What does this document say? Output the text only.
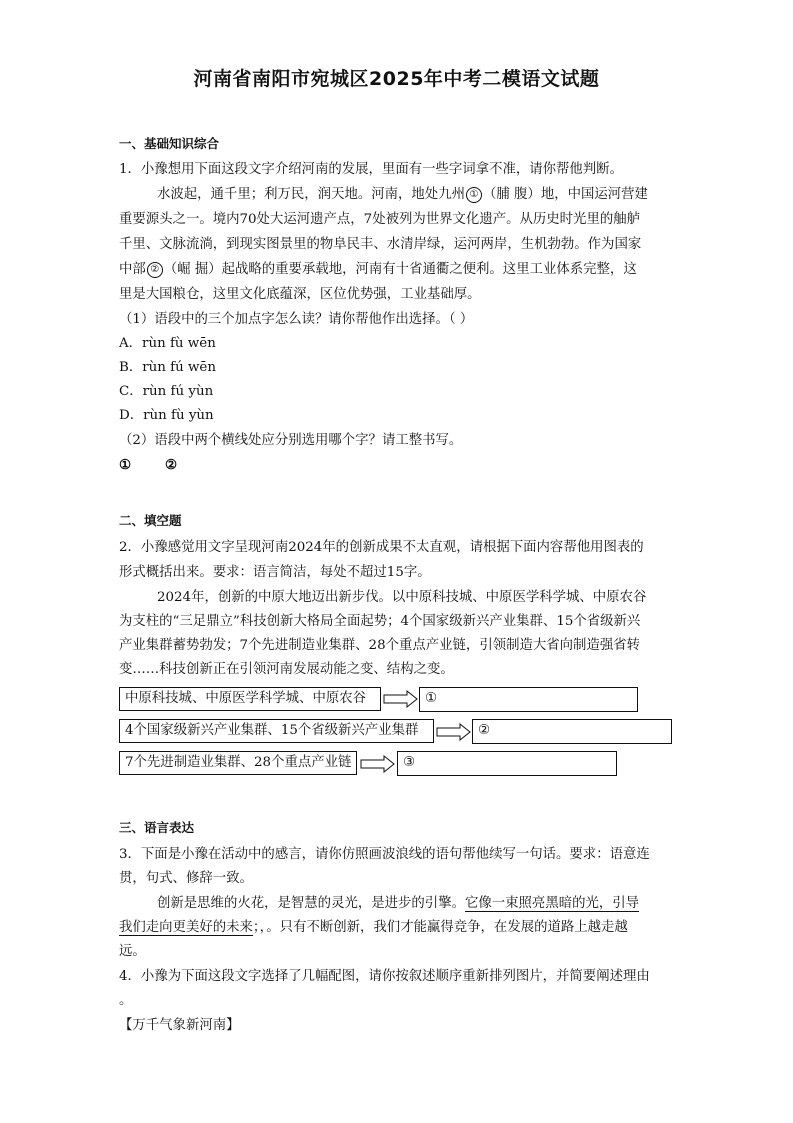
河南省南阳市宛城区2025年中考二模语文试题
一、基础知识综合
1．小豫想用下面这段文字介绍河南的发展，里面有一些字词拿不准，请你帮他判断。
水波起，通千里；利万民，润天地。河南，地处九州 ① （脯 腹）地，中国运河营建
重要源头之一。境内70处大运河遗产点，7处被列为世界文化遗产。从历史时光里的舳舻
千里、文脉流淌，到现实图景里的物阜民丰、水清岸绿，运河两岸，生机勃勃。作为国家
中部 ② （崛 掘）起战略的重要承载地，河南有十省通衢之便利。这里工业体系完整，这
里是大国粮仓，这里文化底蕴深，区位优势强，工业基础厚。
（1）语段中的三个加点字怎么读？请你帮他作出选择。（ ）
A．rùn fù wēn
B．rùn fú wēn
C．rùn fú yùn
D．rùn fù yùn
（2）语段中两个横线处应分别选用哪个字？请工整书写。
①	②
二、填空题
2．小豫感觉用文字呈现河南2024年的创新成果不太直观，请根据下面内容帮他用图表的
形式概括出来。要求：语言简洁，每处不超过15字。
2024年，创新的中原大地迈出新步伐。以中原科技城、中原医学科学城、中原农谷
为支柱的“三足鼎立”科技创新大格局全面起势；4个国家级新兴产业集群、15个省级新兴
产业集群蓄势勃发；7个先进制造业集群、28个重点产业链，引领制造大省向制造强省转
变……科技创新正在引领河南发展动能之变、结构之变。
中原科技城、中原医学科学城、中原农谷	①
4个国家级新兴产业集群、15个省级新兴产业集群	②
7个先进制造业集群、28个重点产业链	③
三、语言表达
3．下面是小豫在活动中的感言，请你仿照画波浪线的语句帮他续写一句话。要求：语意连
贯，句式、修辞一致。
创新是思维的火花，是智慧的灵光，是进步的引擎。它像一束照亮黑暗的光，引导
我们走向更美好的未来；，。只有不断创新，我们才能赢得竞争，在发展的道路上越走越
远。
4．小豫为下面这段文字选择了几幅配图，请你按叙述顺序重新排列图片，并简要阐述理由
。
【万千气象新河南】
